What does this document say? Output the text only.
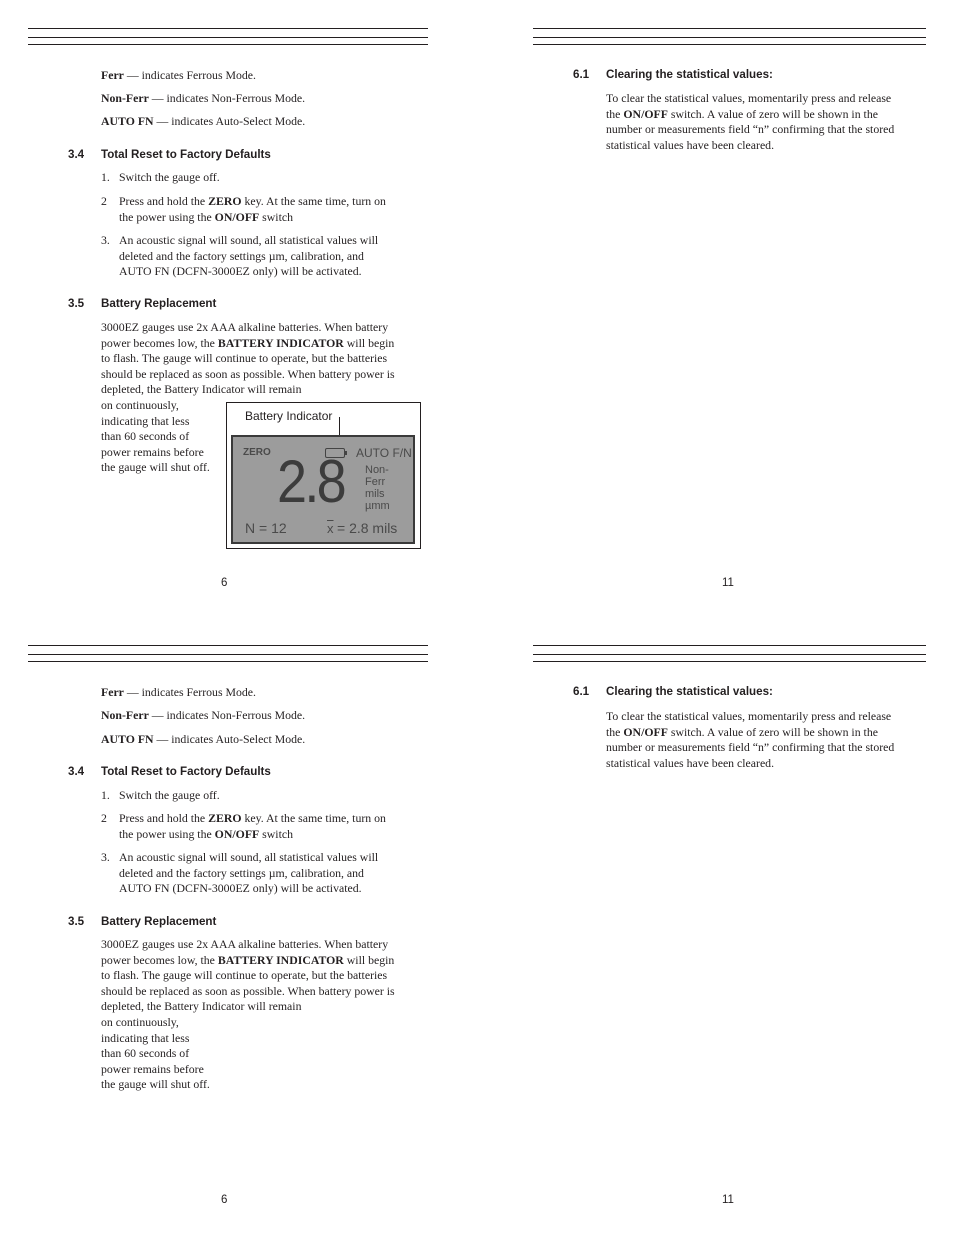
Ferr — indicates Ferrous Mode.
Non-Ferr — indicates Non-Ferrous Mode.
AUTO FN — indicates Auto-Select Mode.
3.4 Total Reset to Factory Defaults
1. Switch the gauge off.
2 Press and hold the ZERO key. At the same time, turn on
the power using the ON/OFF switch
3. An acoustic signal will sound, all statistical values will
deleted and the factory settings µm, calibration, and
AUTO FN (DCFN-3000EZ only) will be activated.
3.5 Battery Replacement
3000EZ gauges use 2x AAA alkaline batteries. When battery
power becomes low, the BATTERY INDICATOR will begin
to flash. The gauge will continue to operate, but the batteries
should be replaced as soon as possible. When battery power is
depleted, the Battery Indicator will remain
on continuously,
indicating that less
than 60 seconds of
power remains before
the gauge will shut off.
Battery Indicator
ZERO	AUTO F/N
2.8 Non-
Ferr
mils
µmm
N = 12	$\overline{x} = 2.8$ mils
6
6.1 Clearing the statistical values:
To clear the statistical values, momentarily press and release
the ON/OFF switch. A value of zero will be shown in the
number or measurements field “n” confirming that the stored
statistical values have been cleared.
11
Ferr — indicates Ferrous Mode.
Non-Ferr — indicates Non-Ferrous Mode.
AUTO FN — indicates Auto-Select Mode.
3.4 Total Reset to Factory Defaults
1. Switch the gauge off.
2 Press and hold the ZERO key. At the same time, turn on
the power using the ON/OFF switch
3. An acoustic signal will sound, all statistical values will
deleted and the factory settings µm, calibration, and
AUTO FN (DCFN-3000EZ only) will be activated.
3.5 Battery Replacement
3000EZ gauges use 2x AAA alkaline batteries. When battery
power becomes low, the BATTERY INDICATOR will begin
to flash. The gauge will continue to operate, but the batteries
should be replaced as soon as possible. When battery power is
depleted, the Battery Indicator will remain
on continuously,
indicating that less
than 60 seconds of
power remains before
the gauge will shut off.
6
6.1 Clearing the statistical values:
To clear the statistical values, momentarily press and release
the ON/OFF switch. A value of zero will be shown in the
number or measurements field “n” confirming that the stored
statistical values have been cleared.
11
